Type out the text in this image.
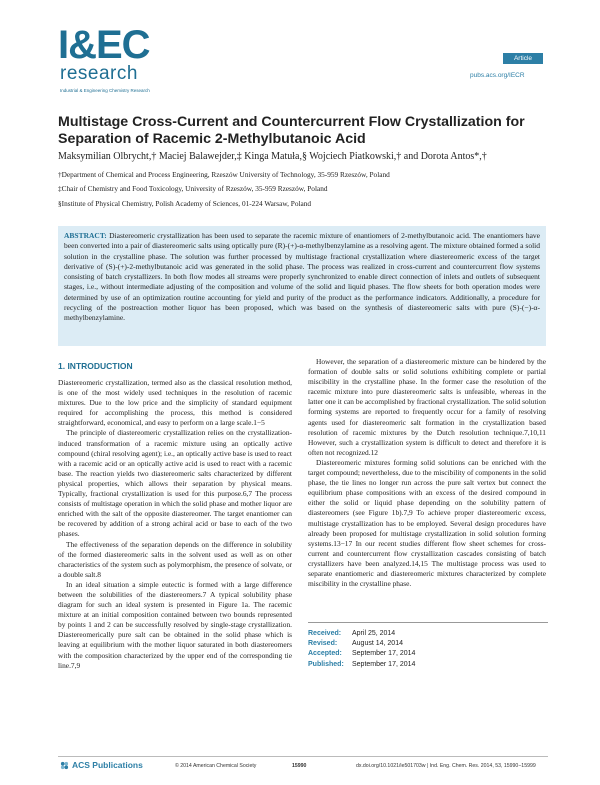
I&EC
research
Industrial & Engineering Chemistry Research
Article
pubs.acs.org/IECR
Multistage Cross-Current and Countercurrent Flow Crystallization for Separation of Racemic 2-Methylbutanoic Acid
Maksymilian Olbrycht,† Maciej Balawejder,‡ Kinga Matuła,§ Wojciech Piatkowski,† and Dorota Antos*,†
†Department of Chemical and Process Engineering, Rzeszów University of Technology, 35-959 Rzeszów, Poland
‡Chair of Chemistry and Food Toxicology, University of Rzeszów, 35-959 Rzeszów, Poland
§Institute of Physical Chemistry, Polish Academy of Sciences, 01-224 Warsaw, Poland
ABSTRACT: Diastereomeric crystallization has been used to separate the racemic mixture of enantiomers of 2-methylbutanoic acid. The enantiomers have been converted into a pair of diastereomeric salts using optically pure (R)-(+)-α-methylbenzylamine as a resolving agent. The mixture obtained formed a solid solution in the crystalline phase. The solution was further processed by multistage fractional crystallization where diastereomeric excess of the target derivative of (S)-(+)-2-methylbutanoic acid was generated in the solid phase. The process was realized in cross-current and countercurrent flow systems consisting of batch crystallizers. In both flow modes all streams were properly synchronized to enable direct connection of inlets and outlets of subsequent stages, i.e., without intermediate adjusting of the composition and volume of the solid and liquid phases. The flow sheets for both operation modes were determined by use of an optimization routine accounting for yield and purity of the product as the performance indicators. Additionally, a procedure for recycling of the postreaction mother liquor has been proposed, which was based on the synthesis of diastereomeric salts with pure (S)-(−)-α-methylbenzylamine.
1. INTRODUCTION

Diastereomeric crystallization, termed also as the classical resolution method, is one of the most widely used techniques in the resolution of racemic mixtures. Due to the low price and the simplicity of standard equipment required for accomplishing the process, this method is considered straightforward, economical, and easy to perform on a large scale.1−5

The principle of diastereomeric crystallization relies on the crystallization-induced transformation of a racemic mixture using an optically active compound (chiral resolving agent); i.e., an optically active base is used to react with a racemic acid or an optically active acid is used to react with a racemic base. The reaction yields two diastereomeric salts characterized by different physical properties, which allows their separation by physical means. Typically, fractional crystallization is used for this purpose.6,7 The process consists of multistage operation in which the solid phase and mother liquor are enriched with the salt of the opposite diastereomer. The target enantiomer can be recovered by addition of a strong achiral acid or base to each of the two phases.

The effectiveness of the separation depends on the difference in solubility of the formed diastereomeric salts in the solvent used as well as on other characteristics of the system such as polymorphism, the presence of solvate, or a double salt.8

In an ideal situation a simple eutectic is formed with a large difference between the solubilities of the diastereomers.7 A typical solubility phase diagram for such an ideal system is presented in Figure 1a. The racemic mixture at an initial composition contained between two bounds represented by points 1 and 2 can be successfully resolved by single-stage crystallization. Diastereomerically pure salt can be obtained in the solid phase which is leaving at equilibrium with the mother liquor saturated in both diastereomers with the composition characterized by the upper end of the corresponding tie line.7,9

However, the separation of a diastereomeric mixture can be hindered by the formation of double salts or solid solutions exhibiting complete or partial miscibility in the crystalline phase. In the former case the resolution of the racemic mixture into pure diastereomeric salts is unfeasible, whereas in the latter one it can be accomplished by fractional crystallization. The solid solution forming systems are reported to frequently occur for a family of resolving agents used for diastereomeric salt formation in the crystallization based resolution of racemic mixtures by the Dutch resolution technique.7,10,11 However, such a crystallization system is difficult to detect and therefore it is often not recognized.12

Diastereomeric mixtures forming solid solutions can be enriched with the target compound; nevertheless, due to the miscibility of components in the solid phase, the tie lines no longer run across the pure salt vertex but connect the equilibrium phase compositions with an excess of the desired compound in either the solid or liquid phase depending on the solubility pattern of diastereomers (see Figure 1b).7,9 To achieve proper diastereomeric excess, multistage crystallization has to be employed. Several design procedures have already been proposed for multistage crystallization in solid solution forming systems.13−17 In our recent studies different flow sheet schemes for cross-current and countercurrent flow crystallization cascades consisting of batch crystallizers have been analyzed.14,15 The multistage process was used to separate enantiomeric and diastereomeric mixtures characterized by complete miscibility in the crystalline phase.

Received: April 25, 2014
Revised: August 14, 2014
Accepted: September 17, 2014
Published: September 17, 2014
ACS Publications	© 2014 American Chemical Society	15990	dx.doi.org/10.1021/ie501703w | Ind. Eng. Chem. Res. 2014, 53, 15990−15999
